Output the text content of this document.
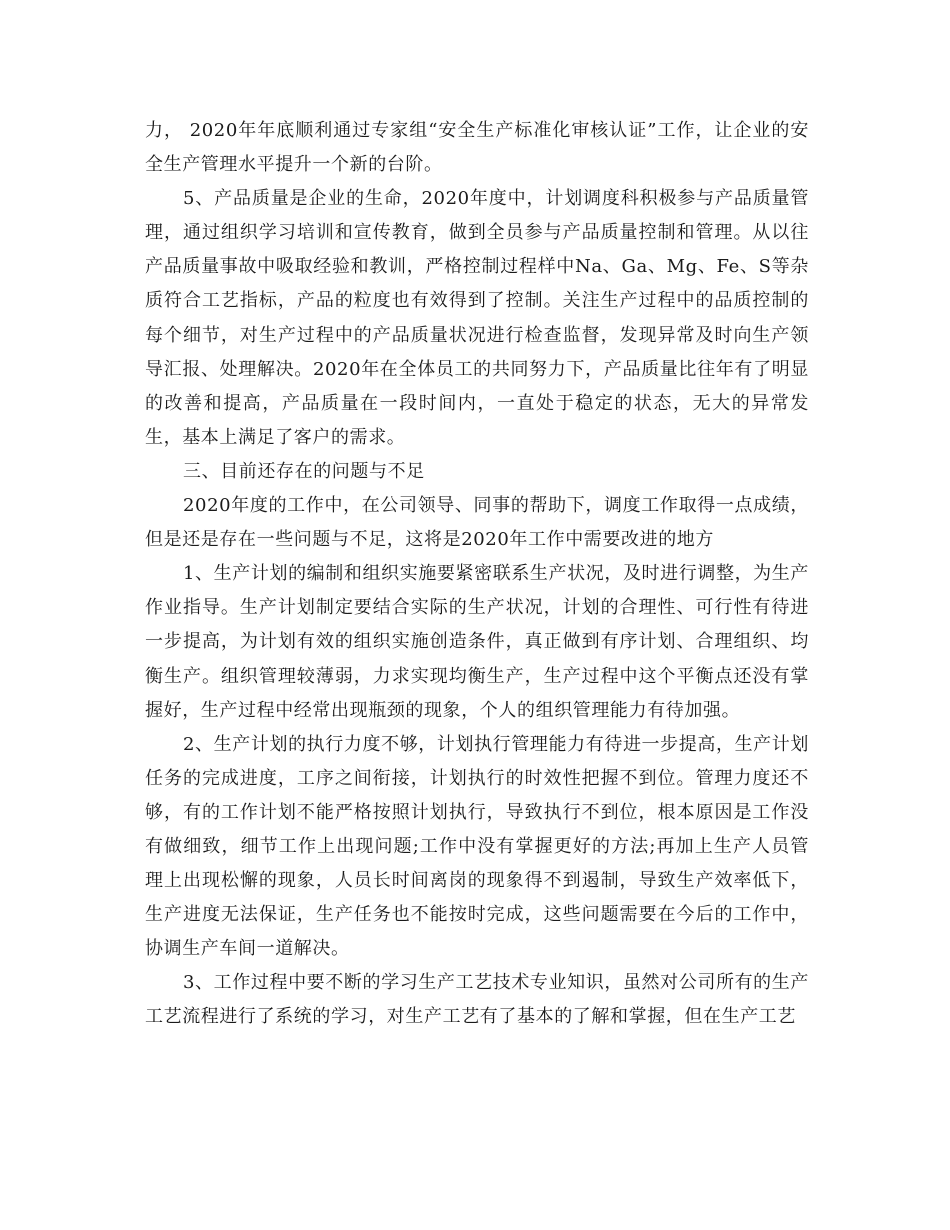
力， 2020年年底顺利通过专家组“安全生产标准化审核认证”工作，让企业的安全生产管理水平提升一个新的台阶。

5、产品质量是企业的生命，2020年度中，计划调度科积极参与产品质量管理，通过组织学习培训和宣传教育，做到全员参与产品质量控制和管理。从以往产品质量事故中吸取经验和教训，严格控制过程样中Na、Ga、Mg、Fe、S等杂质符合工艺指标，产品的粒度也有效得到了控制。关注生产过程中的品质控制的每个细节，对生产过程中的产品质量状况进行检查监督，发现异常及时向生产领导汇报、处理解决。2020年在全体员工的共同努力下，产品质量比往年有了明显的改善和提高，产品质量在一段时间内，一直处于稳定的状态，无大的异常发生，基本上满足了客户的需求。

三、目前还存在的问题与不足

2020年度的工作中，在公司领导、同事的帮助下，调度工作取得一点成绩，但是还是存在一些问题与不足，这将是2020年工作中需要改进的地方

1、生产计划的编制和组织实施要紧密联系生产状况，及时进行调整，为生产作业指导。生产计划制定要结合实际的生产状况，计划的合理性、可行性有待进一步提高，为计划有效的组织实施创造条件，真正做到有序计划、合理组织、均衡生产。组织管理较薄弱，力求实现均衡生产，生产过程中这个平衡点还没有掌握好，生产过程中经常出现瓶颈的现象，个人的组织管理能力有待加强。

2、生产计划的执行力度不够，计划执行管理能力有待进一步提高，生产计划任务的完成进度，工序之间衔接，计划执行的时效性把握不到位。管理力度还不够，有的工作计划不能严格按照计划执行，导致执行不到位，根本原因是工作没有做细致，细节工作上出现问题;工作中没有掌握更好的方法;再加上生产人员管理上出现松懈的现象，人员长时间离岗的现象得不到遏制，导致生产效率低下，生产进度无法保证，生产任务也不能按时完成，这些问题需要在今后的工作中，协调生产车间一道解决。

3、工作过程中要不断的学习生产工艺技术专业知识，虽然对公司所有的生产工艺流程进行了系统的学习，对生产工艺有了基本的了解和掌握，但在生产工艺
